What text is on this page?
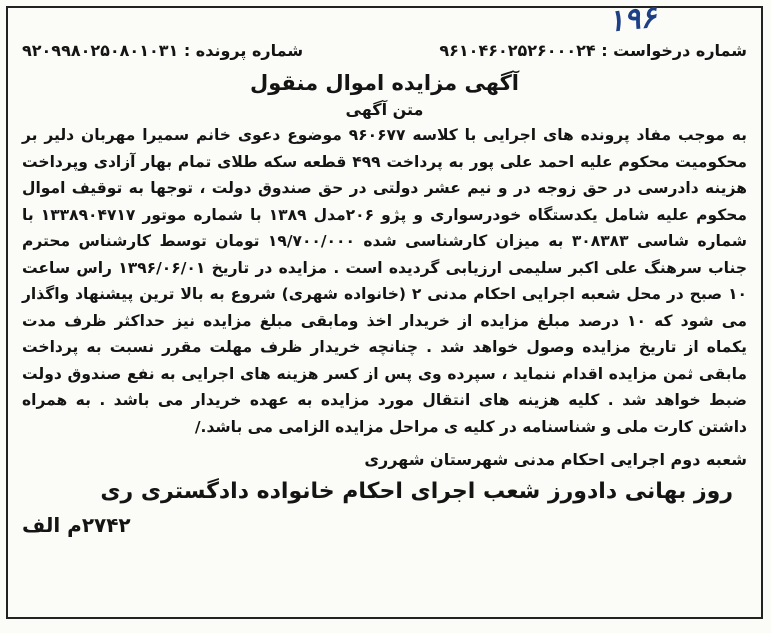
۱۹۶
شماره درخواست : ۹۶۱۰۴۶۰۲۵۲۶۰۰۰۲۴
شماره پرونده : ۹۲۰۹۹۸۰۲۵۰۸۰۱۰۳۱
آگهی مزایده اموال منقول
متن آگهی
به موجب مفاد پرونده های اجرایی با کلاسه ۹۶۰۶۷۷ موضوع دعوی خانم سمیرا مهربان دلیر بر محکومیت محکوم علیه احمد علی پور به پرداخت ۴۹۹ قطعه سکه طلای تمام بهار آزادی وپرداخت هزینه دادرسی در حق زوجه در و نیم عشر دولتی در حق صندوق دولت ، توجها به توقیف اموال محکوم علیه شامل یکدستگاه خودرسواری و پژو ۲۰۶مدل ۱۳۸۹ با شماره موتور ۱۳۳۸۹۰۴۷۱۷ با شماره شاسی ۳۰۸۳۸۳ به میزان کارشناسی شده ۱۹/۷۰۰/۰۰۰ تومان توسط کارشناس محترم جناب سرهنگ علی اکبر سلیمی ارزیابی گردیده است . مزایده در تاریخ ۱۳۹۶/۰۶/۰۱ راس ساعت ۱۰ صبح در محل شعبه اجرایی احکام مدنی ۲ (خانواده شهری) شروع به بالا ترین پیشنهاد واگذار می شود که ۱۰ درصد مبلغ مزایده از خریدار اخذ ومابقی مبلغ مزایده نیز حداکثر ظرف مدت یکماه از تاریخ مزایده وصول خواهد شد . چنانچه خریدار ظرف مهلت مقرر نسبت به پرداخت مابقی ثمن مزایده اقدام ننماید ، سپرده وی پس از کسر هزینه های اجرایی به نفع صندوق دولت ضبط خواهد شد . کلیه هزینه های انتقال مورد مزایده به عهده خریدار می باشد . به همراه داشتن کارت ملی و شناسنامه در کلیه ی مراحل مزایده الزامی می باشد./
شعبه دوم اجرایی احکام مدنی شهرستان شهرری
روز بهانی دادورز شعب اجرای احکام خانواده دادگستری ری
۲۷۴۲م الف
